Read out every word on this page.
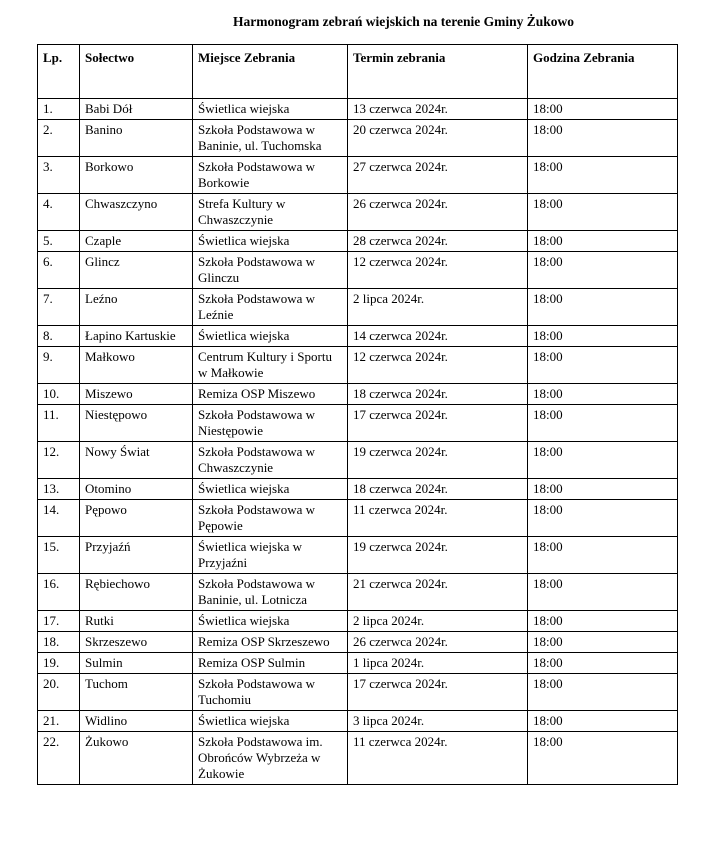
Harmonogram zebrań wiejskich na terenie Gminy Żukowo
Lp.	Sołectwo	Miejsce Zebrania	Termin zebrania	Godzina Zebrania
1.	Babi Dół	Świetlica wiejska	13 czerwca 2024r.	18:00
2.	Banino	Szkoła Podstawowa w Baninie, ul. Tuchomska	20 czerwca 2024r.	18:00
3.	Borkowo	Szkoła Podstawowa w Borkowie	27 czerwca 2024r.	18:00
4.	Chwaszczyno	Strefa Kultury w Chwaszczynie	26 czerwca 2024r.	18:00
5.	Czaple	Świetlica wiejska	28 czerwca 2024r.	18:00
6.	Glincz	Szkoła Podstawowa w Glinczu	12 czerwca 2024r.	18:00
7.	Leźno	Szkoła Podstawowa w Leźnie	2 lipca 2024r.	18:00
8.	Łapino Kartuskie	Świetlica wiejska	14 czerwca 2024r.	18:00
9.	Małkowo	Centrum Kultury i Sportu w Małkowie	12 czerwca 2024r.	18:00
10.	Miszewo	Remiza OSP Miszewo	18 czerwca 2024r.	18:00
11.	Niestępowo	Szkoła Podstawowa w Niestępowie	17 czerwca 2024r.	18:00
12.	Nowy Świat	Szkoła Podstawowa w Chwaszczynie	19 czerwca 2024r.	18:00
13.	Otomino	Świetlica wiejska	18 czerwca 2024r.	18:00
14.	Pępowo	Szkoła Podstawowa w Pępowie	11 czerwca 2024r.	18:00
15.	Przyjaźń	Świetlica wiejska w Przyjaźni	19 czerwca 2024r.	18:00
16.	Rębiechowo	Szkoła Podstawowa w Baninie, ul. Lotnicza	21 czerwca 2024r.	18:00
17.	Rutki	Świetlica wiejska	2 lipca 2024r.	18:00
18.	Skrzeszewo	Remiza OSP Skrzeszewo	26 czerwca 2024r.	18:00
19.	Sulmin	Remiza OSP Sulmin	1 lipca 2024r.	18:00
20.	Tuchom	Szkoła Podstawowa w Tuchomiu	17 czerwca 2024r.	18:00
21.	Widlino	Świetlica wiejska	3 lipca 2024r.	18:00
22.	Żukowo	Szkoła Podstawowa im. Obrońców Wybrzeża w Żukowie	11 czerwca 2024r.	18:00
